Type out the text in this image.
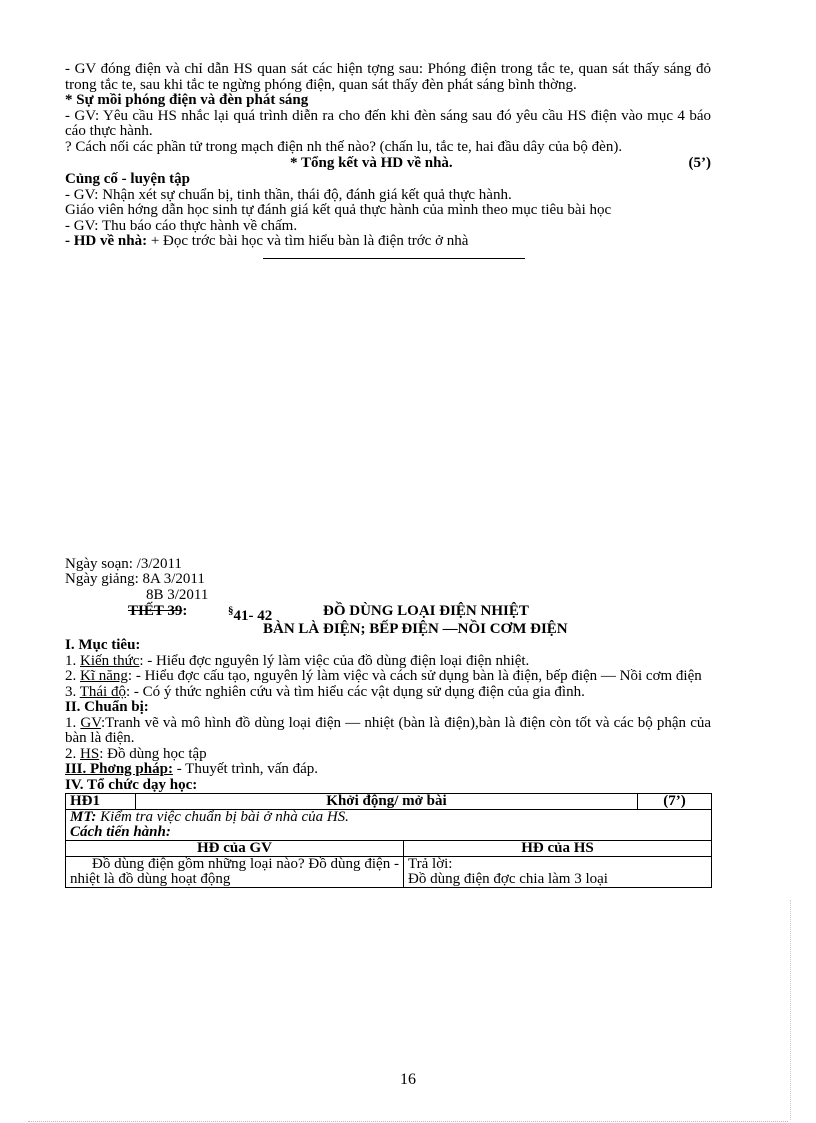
- GV đóng điện và chỉ dẫn HS quan sát các hiện tợng sau: Phóng điện trong tắc te, quan sát thấy sáng đỏ trong tắc te, sau khi tắc te ngừng phóng điện, quan sát thấy đèn phát sáng bình thờng.

* Sự mồi phóng điện và đèn phát sáng

- GV: Yêu cầu HS nhắc lại quá trình diễn ra cho đến khi đèn sáng sau đó yêu cầu HS điện vào mục 4 báo cáo thực hành.

? Cách nối các phần tử trong mạch điện nh thế nào? (chấn lu, tắc te, hai đầu dây của bộ đèn).

* Tổng kết và HD về nhà.	(5’)

Củng cố - luyện tập

- GV: Nhận xét sự chuẩn bị, tinh thần, thái độ, đánh giá kết quả thực hành.

Giáo viên hớng dẫn học sinh tự đánh giá kết quả thực hành của mình theo mục tiêu bài học

- GV: Thu báo cáo thực hành về chấm.

- HD về nhà: + Đọc trớc bài học và tìm hiểu bàn là điện trớc ở nhà

Ngày soạn: /3/2011

Ngày giảng: 8A 3/2011

8B 3/2011

TIẾT 39:	§41- 42	ĐỒ DÙNG LOẠI ĐIỆN NHIỆT
BÀN LÀ ĐIỆN; BẾP ĐIỆN —NỒI CƠM ĐIỆN

I. Mục tiêu:

1. Kiến thức: - Hiểu đợc nguyên lý làm việc của đồ dùng điện loại điện nhiệt.

2. Kĩ năng: - Hiểu đợc cấu tạo, nguyên lý làm việc và cách sử dụng bàn là điện, bếp điện — Nồi cơm điện

3. Thái độ: - Có ý thức nghiên cứu và tìm hiểu các vật dụng sử dụng điện của gia đình.

II. Chuẩn bị:

1. GV:Tranh vẽ và mô hình đồ dùng loại điện — nhiệt (bàn là điện),bàn là điện còn tốt và các bộ phận của bàn là điện.

2. HS: Đồ dùng học tập

III. Phơng pháp: - Thuyết trình, vấn đáp.

IV. Tổ chức dạy học:

HĐ1	Khởi động/ mở bài		(7’)

MT: Kiểm tra việc chuẩn bị bài ở nhà của HS.
Cách tiến hành:			

HĐ của GV		HĐ của HS	
Đồ dùng điện gồm những loại nào? Đồ dùng điện - nhiệt là đồ dùng hoạt động		Trả lời:
Đồ dùng điện đợc chia làm 3 loại	
16
